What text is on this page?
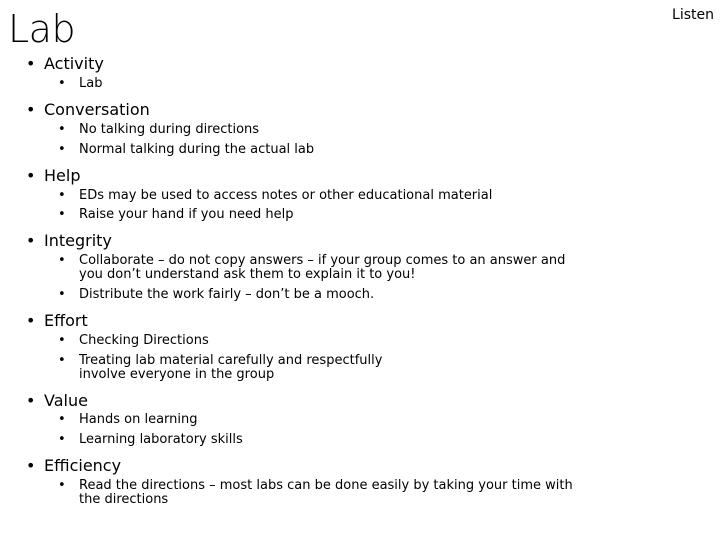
Lab	Listen
• Activity
• Lab
• Conversation
• No talking during directions
• Normal talking during the actual lab
• Help
• EDs may be used to access notes or other educational material
• Raise your hand if you need help
• Integrity
• Collaborate – do not copy answers – if your group comes to an answer and you don’t understand ask them to explain it to you!
• Distribute the work fairly – don’t be a mooch.
• Effort
• Checking Directions
• Treating lab material carefully and respectfully involve everyone in the group
• Value
• Hands on learning
• Learning laboratory skills
• Efficiency
• Read the directions – most labs can be done easily by taking your time with the directions
